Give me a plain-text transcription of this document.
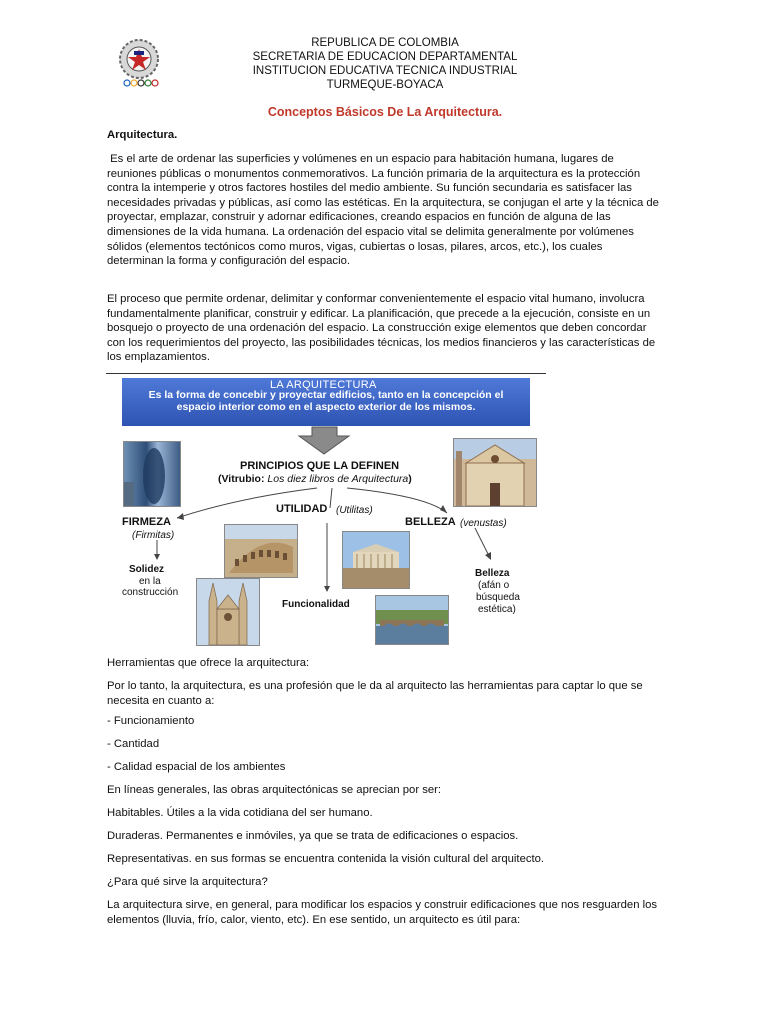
REPUBLICA DE COLOMBIA
SECRETARIA DE EDUCACION DEPARTAMENTAL
INSTITUCION EDUCATIVA TECNICA INDUSTRIAL
TURMEQUE-BOYACA
Conceptos Básicos De La Arquitectura.
Arquitectura.
Es el arte de ordenar las superficies y volúmenes en un espacio para habitación humana, lugares de reuniones públicas o monumentos conmemorativos. La función primaria de la arquitectura es la protección contra la intemperie y otros factores hostiles del medio ambiente. Su función secundaria es satisfacer las necesidades privadas y públicas, así como las estéticas. En la arquitectura, se conjugan el arte y la técnica de proyectar, emplazar, construir y adornar edificaciones, creando espacios en función de alguna de las dimensiones de la vida humana. La ordenación del espacio vital se delimita generalmente por volúmenes sólidos (elementos tectónicos como muros, vigas, cubiertas o losas, pilares, arcos, etc.), los cuales determinan la forma y configuración del espacio.
El proceso que permite ordenar, delimitar y conformar convenientemente el espacio vital humano, involucra fundamentalmente planificar, construir y edificar. La planificación, que precede a la ejecución, consiste en un bosquejo o proyecto de una ordenación del espacio. La construcción exige elementos que deben concordar con los requerimientos del proyecto, las posibilidades técnicas, los medios financieros y las características de los emplazamientos.
LA ARQUITECTURA
Es la forma de concebir y proyectar edificios, tanto en la concepción el espacio interior como en el aspecto exterior de los mismos.
PRINCIPIOS QUE LA DEFINEN
(Vitrubio: Los diez libros de Arquitectura)
FIRMEZA
(Firmitas)
UTILIDAD (Utilitas)
BELLEZA (venustas)
Solidez
en la
construcción
Funcionalidad
Belleza
(afán o
búsqueda
estética)
Herramientas que ofrece la arquitectura:
Por lo tanto, la arquitectura, es una profesión que le da al arquitecto las herramientas para captar lo que se necesita en cuanto a:
- Funcionamiento
- Cantidad
- Calidad espacial de los ambientes
En líneas generales, las obras arquitectónicas se aprecian por ser:
Habitables. Útiles a la vida cotidiana del ser humano.
Duraderas. Permanentes e inmóviles, ya que se trata de edificaciones o espacios.
Representativas. en sus formas se encuentra contenida la visión cultural del arquitecto.
¿Para qué sirve la arquitectura?
La arquitectura sirve, en general, para modificar los espacios y construir edificaciones que nos resguarden los elementos (lluvia, frío, calor, viento, etc). En ese sentido, un arquitecto es útil para:
